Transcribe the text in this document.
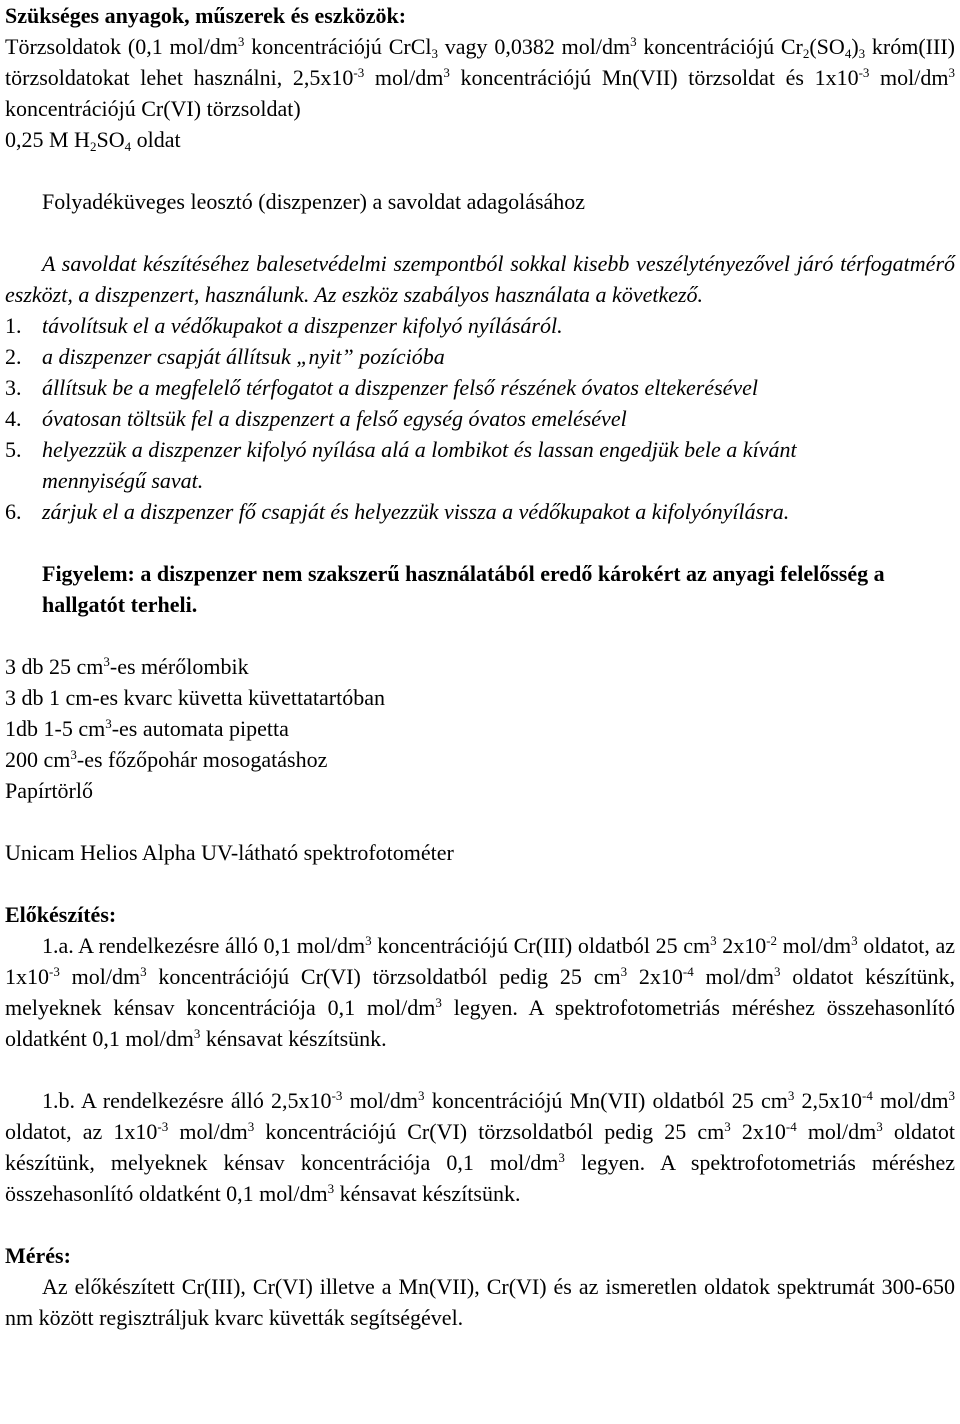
Szükséges anyagok, műszerek és eszközök:

Törzsoldatok (0,1 mol/$dm^3$ koncentrációjú CrCl$_3$ vagy 0,0382 mol/$dm^3$ koncentrációjú $Cr_2(SO_4)_3$ króm(III) törzsoldatokat lehet használni, $2,5x10^{-3}$ mol/$dm^3$ koncentrációjú Mn(VII) törzsoldat és $1x10^{-3}$ mol/$dm^3$ koncentrációjú Cr(VI) törzsoldat)

0,25 M $H_2SO_4$ oldat

Folyadéküveges leosztó (diszpenzer) a savoldat adagolásához

A savoldat készítéséhez balesetvédelmi szempontból sokkal kisebb veszélytényezővel járó térfogatmérő eszközt, a diszpenzert, használunk. Az eszköz szabályos használata a következő.

1. távolítsuk el a védőkupakot a diszpenzer kifolyó nyílásáról.
2. a diszpenzer csapját állítsuk „nyit” pozícióba
3. állítsuk be a megfelelő térfogatot a diszpenzer felső részének óvatos eltekerésével
4. óvatosan töltsük fel a diszpenzert a felső egység óvatos emelésével
5. helyezzük a diszpenzer kifolyó nyílása alá a lombikot és lassan engedjük bele a kívánt mennyiségű savat.
6. zárjuk el a diszpenzer fő csapját és helyezzük vissza a védőkupakot a kifolyónyílásra.

Figyelem: a diszpenzer nem szakszerű használatából eredő károkért az anyagi felelősség a hallgatót terheli.

3 db 25 $cm^3-es$ mérőlombik

3 db 1 cm-es kvarc küvetta küvettatartóban

1db 1-5 $cm^3-es$ automata pipetta

200 $cm^3-es$ főzőpohár mosogatáshoz

Papírtörlő

Unicam Helios Alpha UV-látható spektrofotométer

Előkészítés:

1.a. A rendelkezésre álló 0,1 mol/$dm^3$ koncentrációjú Cr(III) oldatból 25 $cm^3$ $2x10^{-2}$ mol/$dm^3$ oldatot, az $1x10^{-3}$ mol/$dm^3$ koncentrációjú Cr(VI) törzsoldatból pedig 25 $cm^3$ $2x10^{-4}$ mol/$dm^3$ oldatot készítünk, melyeknek kénsav koncentrációja 0,1 mol/$dm^3$ legyen. A spektrofotometriás méréshez összehasonlító oldatként 0,1 mol/$dm^3$ kénsavat készítsünk.

1.b. A rendelkezésre álló $2,5x10^{-3}$ mol/$dm^3$ koncentrációjú Mn(VII) oldatból 25 $cm^3$ $2,5x10^{-4}$ mol/$dm^3$ oldatot, az $1x10^{-3}$ mol/$dm^3$ koncentrációjú Cr(VI) törzsoldatból pedig 25 $cm^3$ $2x10^{-4}$ mol/$dm^3$ oldatot készítünk, melyeknek kénsav koncentrációja 0,1 mol/$dm^3$ legyen. A spektrofotometriás méréshez összehasonlító oldatként 0,1 mol/$dm^3$ kénsavat készítsünk.

Mérés:

Az előkészített Cr(III), Cr(VI) illetve a Mn(VII), Cr(VI) és az ismeretlen oldatok spektrumát 300-650 nm között regisztráljuk kvarc küvetták segítségével.
